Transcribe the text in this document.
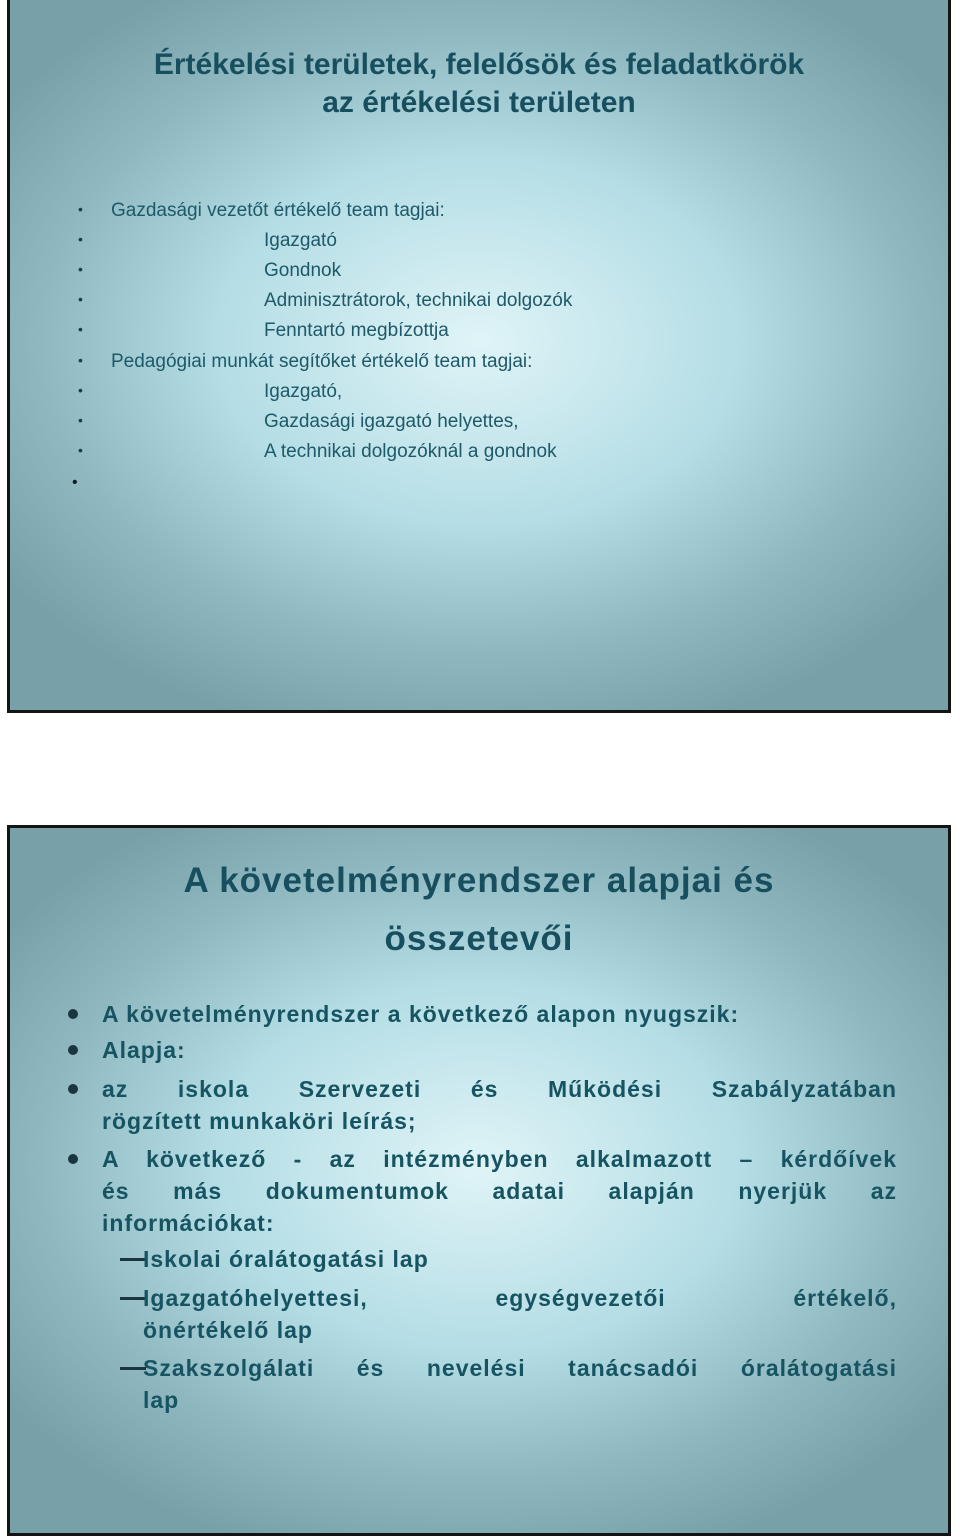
Értékelési területek, felelősök és feladatkörök
az értékelési területen
• Gazdasági vezetőt értékelő team tagjai:

•	Igazgató

•	Gondnok

•	Adminisztrátorok, technikai dolgozók

•	Fenntartó megbízottja

• Pedagógiai munkát segítőket értékelő team tagjai:

•	Igazgató,

•	Gazdasági igazgató helyettes,

•	A technikai dolgozóknál a gondnok

•
A követelményrendszer alapjai és
összetevői

A követelményrendszer a következő alapon nyugszik:

Alapja:

az iskola Szervezeti és Működési Szabályzatában

rögzített munkaköri leírás;

A következő - az intézményben alkalmazott – kérdőívek

és más dokumentumok adatai alapján nyerjük az

információkat:

Iskolai óralátogatási lap

Igazgatóhelyettesi, egységvezetői értékelő,

önértékelő lap

Szakszolgálati és nevelési tanácsadói óralátogatási

lap
